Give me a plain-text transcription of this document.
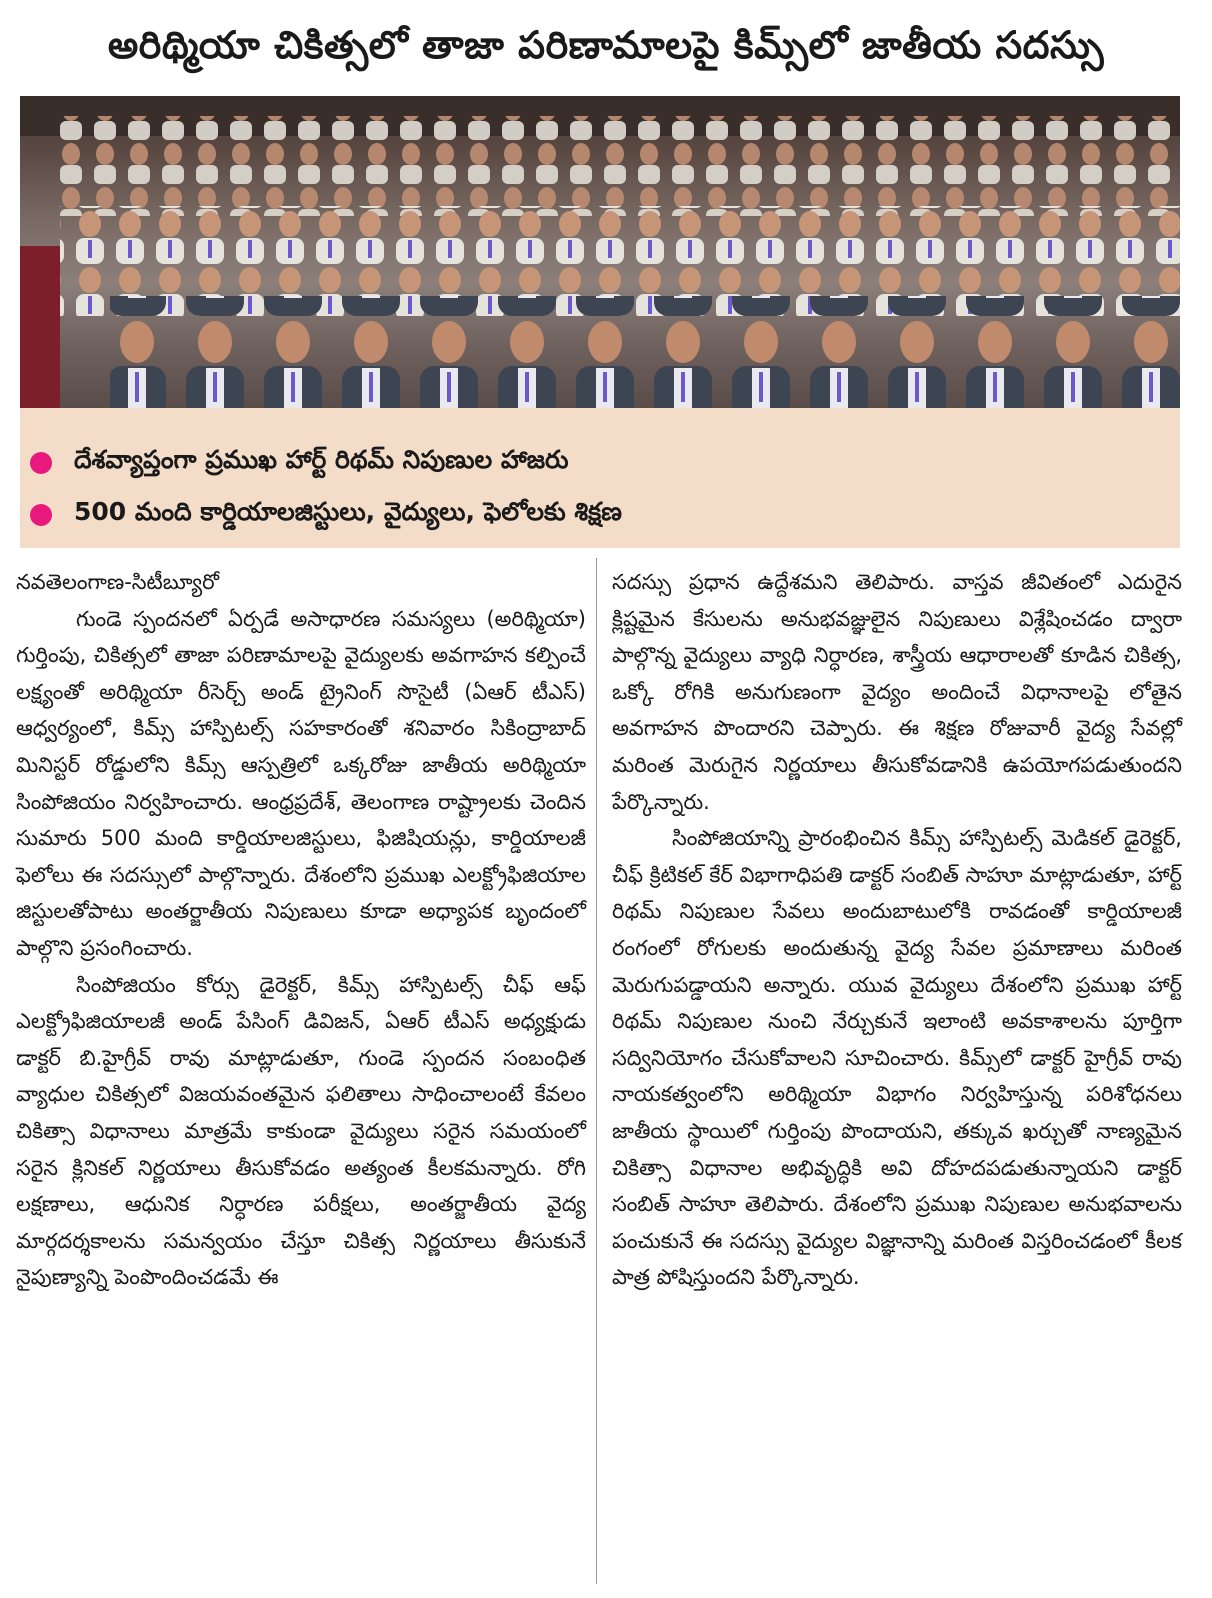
అరిథ్మియా చికిత్సలో తాజా పరిణామాలపై కిమ్స్‌లో జాతీయ సదస్సు
దేశవ్యాప్తంగా ప్రముఖ హార్ట్ రిథమ్ నిపుణుల హాజరు
500 మంది కార్డియాలజిస్టులు, వైద్యులు, ఫెలోలకు శిక్షణ

నవతెలంగాణ-సిటీబ్యూరో

గుండె స్పందనలో ఏర్పడే అసాధారణ సమస్యలు (అరిథ్మియా) గుర్తింపు, చికిత్సలో తాజా పరిణామాలపై వైద్యులకు అవగాహన కల్పించే లక్ష్యంతో అరిథ్మియా రీసెర్చ్ అండ్ ట్రైనింగ్ సొసైటీ (ఏఆర్ టీఎస్) ఆధ్వర్యంలో, కిమ్స్ హాస్పిటల్స్ సహకారంతో శనివారం సికింద్రాబాద్ మినిస్టర్ రోడ్డులోని కిమ్స్ ఆస్పత్రిలో ఒక్కరోజు జాతీయ అరిథ్మియా సింపోజియం నిర్వహించారు. ఆంధ్రప్రదేశ్, తెలంగాణ రాష్ట్రాలకు చెందిన సుమారు 500 మంది కార్డియాలజిస్టులు, ఫిజిషియన్లు, కార్డియాలజీ ఫెలోలు ఈ సదస్సులో పాల్గొన్నారు. దేశంలోని ప్రముఖ ఎలక్ట్రోఫిజియాల జిస్టులతోపాటు అంతర్జాతీయ నిపుణులు కూడా అధ్యాపక బృందంలో పాల్గొని ప్రసంగించారు.

సింపోజియం కోర్సు డైరెక్టర్, కిమ్స్ హాస్పిటల్స్ చీఫ్ ఆఫ్ ఎలక్ట్రోఫిజియాలజీ అండ్ పేసింగ్ డివిజన్, ఏఆర్ టీఎస్ అధ్యక్షుడు డాక్టర్ బి.హైగ్రీవ్ రావు మాట్లాడుతూ, గుండె స్పందన సంబంధిత వ్యాధుల చికిత్సలో విజయవంతమైన ఫలితాలు సాధించాలంటే కేవలం చికిత్సా విధానాలు మాత్రమే కాకుండా వైద్యులు సరైన సమయంలో సరైన క్లినికల్ నిర్ణయాలు తీసుకోవడం అత్యంత కీలకమన్నారు. రోగి లక్షణాలు, ఆధునిక నిర్ధారణ పరీక్షలు, అంతర్జాతీయ వైద్య మార్గదర్శకాలను సమన్వయం చేస్తూ చికిత్స నిర్ణయాలు తీసుకునే నైపుణ్యాన్ని పెంపొందించడమే ఈ

సదస్సు ప్రధాన ఉద్దేశమని తెలిపారు. వాస్తవ జీవితంలో ఎదురైన క్లిష్టమైన కేసులను అనుభవజ్ఞులైన నిపుణులు విశ్లేషించడం ద్వారా పాల్గొన్న వైద్యులు వ్యాధి నిర్ధారణ, శాస్త్రీయ ఆధారాలతో కూడిన చికిత్స, ఒక్కో రోగికి అనుగుణంగా వైద్యం అందించే విధానాలపై లోతైన అవగాహన పొందారని చెప్పారు. ఈ శిక్షణ రోజువారీ వైద్య సేవల్లో మరింత మెరుగైన నిర్ణయాలు తీసుకోవడానికి ఉపయోగపడుతుందని పేర్కొన్నారు.

సింపోజియాన్ని ప్రారంభించిన కిమ్స్ హాస్పిటల్స్ మెడికల్ డైరెక్టర్, చీఫ్ క్రిటికల్ కేర్ విభాగాధిపతి డాక్టర్ సంబిత్ సాహూ మాట్లాడుతూ, హార్ట్ రిథమ్ నిపుణుల సేవలు అందుబాటులోకి రావడంతో కార్డియాలజీ రంగంలో రోగులకు అందుతున్న వైద్య సేవల ప్రమాణాలు మరింత మెరుగుపడ్డాయని అన్నారు. యువ వైద్యులు దేశంలోని ప్రముఖ హార్ట్ రిథమ్ నిపుణుల నుంచి నేర్చుకునే ఇలాంటి అవకాశాలను పూర్తిగా సద్వినియోగం చేసుకోవాలని సూచించారు. కిమ్స్‌లో డాక్టర్ హైగ్రీవ్ రావు నాయకత్వంలోని అరిథ్మియా విభాగం నిర్వహిస్తున్న పరిశోధనలు జాతీయ స్థాయిలో గుర్తింపు పొందాయని, తక్కువ ఖర్చుతో నాణ్యమైన చికిత్సా విధానాల అభివృద్ధికి అవి దోహదపడుతున్నాయని డాక్టర్ సంబిత్ సాహూ తెలిపారు. దేశంలోని ప్రముఖ నిపుణుల అనుభవాలను పంచుకునే ఈ సదస్సు వైద్యుల విజ్ఞానాన్ని మరింత విస్తరించడంలో కీలక పాత్ర పోషిస్తుందని పేర్కొన్నారు.
